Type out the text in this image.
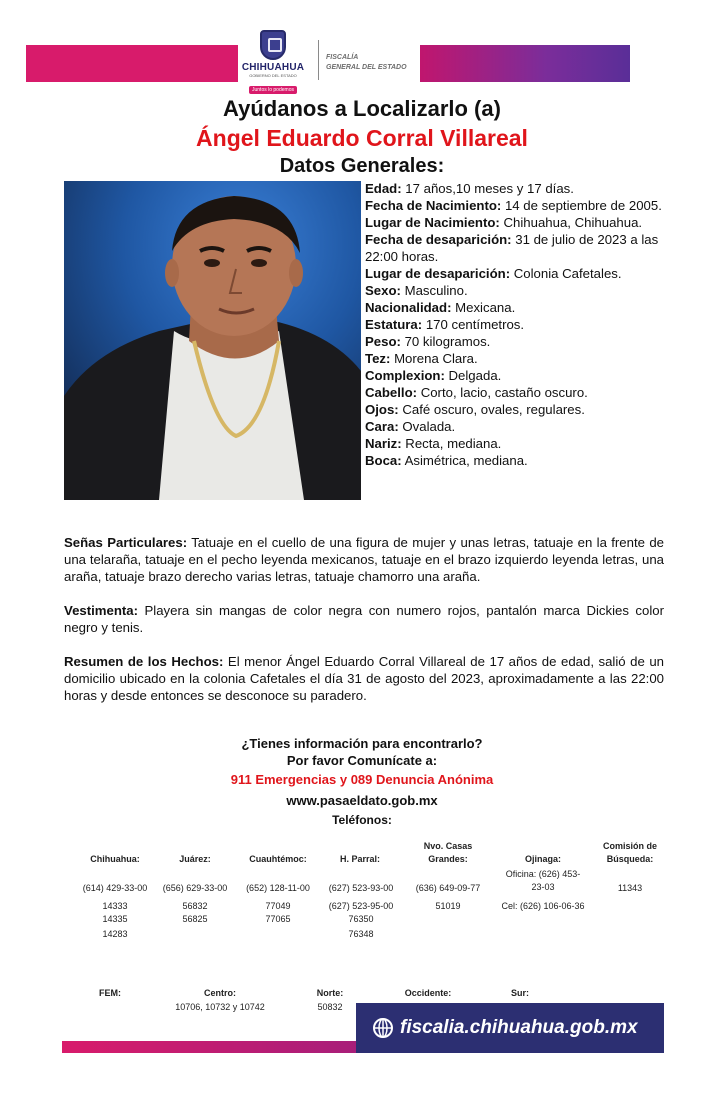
CHIHUAHUA
GOBIERNO DEL ESTADO
Juntos lo podemos
FISCALÍA
GENERAL DEL ESTADO
Ayúdanos a Localizarlo (a)
Ángel Eduardo Corral Villareal
Datos Generales:
Edad: 17 años,10 meses y 17 días.
Fecha de Nacimiento: 14 de septiembre de 2005.
Lugar de Nacimiento: Chihuahua, Chihuahua.
Fecha de desaparición: 31 de julio de 2023 a las 22:00 horas.
Lugar de desaparición: Colonia Cafetales.
Sexo: Masculino.
Nacionalidad: Mexicana.
Estatura: 170 centímetros.
Peso: 70 kilogramos.
Tez: Morena Clara.
Complexion: Delgada.
Cabello: Corto, lacio, castaño oscuro.
Ojos: Café oscuro, ovales, regulares.
Cara: Ovalada.
Nariz: Recta, mediana.
Boca: Asimétrica, mediana.
Señas Particulares: Tatuaje en el cuello de una figura de mujer y unas letras, tatuaje en la frente de una telaraña, tatuaje en el pecho leyenda mexicanos, tatuaje en el brazo izquierdo leyenda letras, una araña, tatuaje brazo derecho varias letras, tatuaje chamorro una araña.
Vestimenta: Playera sin mangas de color negra con numero rojos, pantalón marca Dickies color negro y tenis.
Resumen de los Hechos: El menor Ángel Eduardo Corral Villareal de 17 años de edad, salió de un domicilio ubicado en la colonia Cafetales el día 31 de agosto del 2023, aproximadamente a las 22:00 horas y desde entonces se desconoce su paradero.
¿Tienes información para encontrarlo?
Por favor Comunícate a:
911 Emergencias y 089 Denuncia Anónima
www.pasaeldato.gob.mx
Teléfonos:
Chihuahua:
(614) 429-33-00
14333
14335
14283
Juárez:
(656) 629-33-00
56832
56825
Cuauhtémoc:
(652) 128-11-00
77049
77065
H. Parral:
(627) 523-93-00
(627) 523-95-00
76350
76348
Nvo. Casas
Grandes:
(636) 649-09-77
51019
Ojinaga:
Oficina: (626) 453-
23-03
Cel: (626) 106-06-36
Comisión de
Búsqueda:
11343
FEM:	Centro:
10706, 10732 y 10742
Norte:
50832
Occidente:	Sur:
fiscalia.chihuahua.gob.mx
